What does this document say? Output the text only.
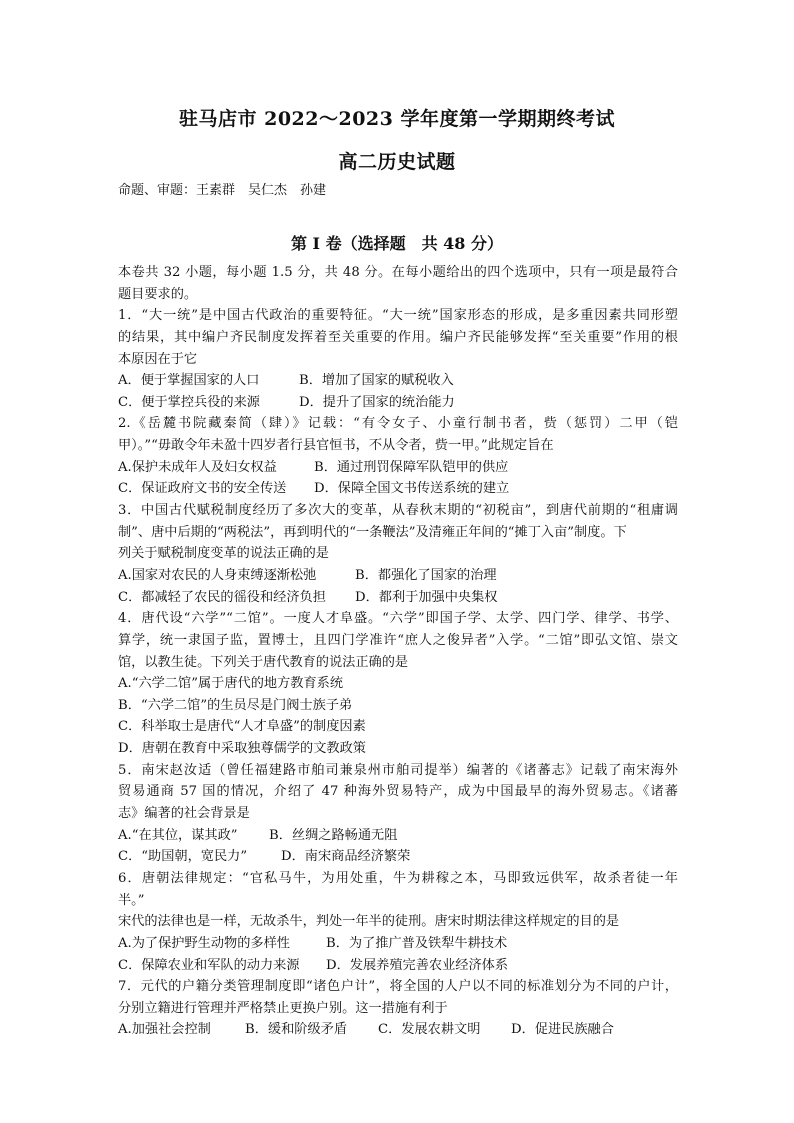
驻马店市 2022～2023 学年度第一学期期终考试
高二历史试题
命题、审题：王素群　吴仁杰　孙建
第 I 卷（选择题　共 48 分）
本卷共 32 小题，每小题 1.5 分，共 48 分。在每小题给出的四个选项中，只有一项是最符合
题目要求的。
1．“大一统”是中国古代政治的重要特征。“大一统”国家形态的形成，是多重因素共同形塑
的结果，其中编户齐民制度发挥着至关重要的作用。编户齐民能够发挥“至关重要”作用的根
本原因在于它
A．便于掌握国家的人口	B．增加了国家的赋税收入
C．便于掌控兵役的来源	D．提升了国家的统治能力
2.《岳麓书院藏秦简（肆）》记载：“有令女子、小童行制书者，赀（惩罚）二甲（铠
甲）。”“毋敢令年未盈十四岁者行县官恒书，不从令者，赀一甲。”此规定旨在
A.保护未成年人及妇女权益	B．通过刑罚保障军队铠甲的供应
C．保证政府文书的安全传送	D．保障全国文书传送系统的建立
3．中国古代赋税制度经历了多次大的变革，从春秋末期的“初税亩”，到唐代前期的“租庸调
制”、唐中后期的“两税法”，再到明代的“一条鞭法”及清雍正年间的“摊丁入亩”制度。下
列关于赋税制度变革的说法正确的是
A.国家对农民的人身束缚逐渐松弛	B．都强化了国家的治理
C．都减轻了农民的徭役和经济负担	D．都利于加强中央集权
4．唐代设“六学”“二馆”。一度人才阜盛。“六学”即国子学、太学、四门学、律学、书学、
算学，统一隶国子监，置博士，且四门学准许“庶人之俊异者”入学。“二馆”即弘文馆、崇文
馆，以教生徒。下列关于唐代教育的说法正确的是
A.“六学二馆”属于唐代的地方教育系统
B．“六学二馆”的生员尽是门阀士族子弟
C．科举取士是唐代“人才阜盛”的制度因素
D．唐朝在教育中采取独尊儒学的文教政策
5．南宋赵汝适（曾任福建路市舶司兼泉州市舶司提举）编著的《诸蕃志》记载了南宋海外
贸易通商 57 国的情况，介绍了 47 种海外贸易特产，成为中国最早的海外贸易志。《诸蕃
志》编著的社会背景是
A.“在其位，谋其政”	B．丝绸之路畅通无阻
C．“助国朝，宽民力”	D．南宋商品经济繁荣
6．唐朝法律规定：“官私马牛，为用处重，牛为耕稼之本，马即致远供军，故杀者徒一年
半。”
宋代的法律也是一样，无故杀牛，判处一年半的徒刑。唐宋时期法律这样规定的目的是
A.为了保护野生动物的多样性	B．为了推广普及铁犁牛耕技术
C．保障农业和军队的动力来源	D．发展养殖完善农业经济体系
7．元代的户籍分类管理制度即“诸色户计”，将全国的人户以不同的标准划分为不同的户计，
分别立籍进行管理并严格禁止更换户别。这一措施有利于
A.加强社会控制	B．缓和阶级矛盾	C．发展农耕文明	D．促进民族融合
